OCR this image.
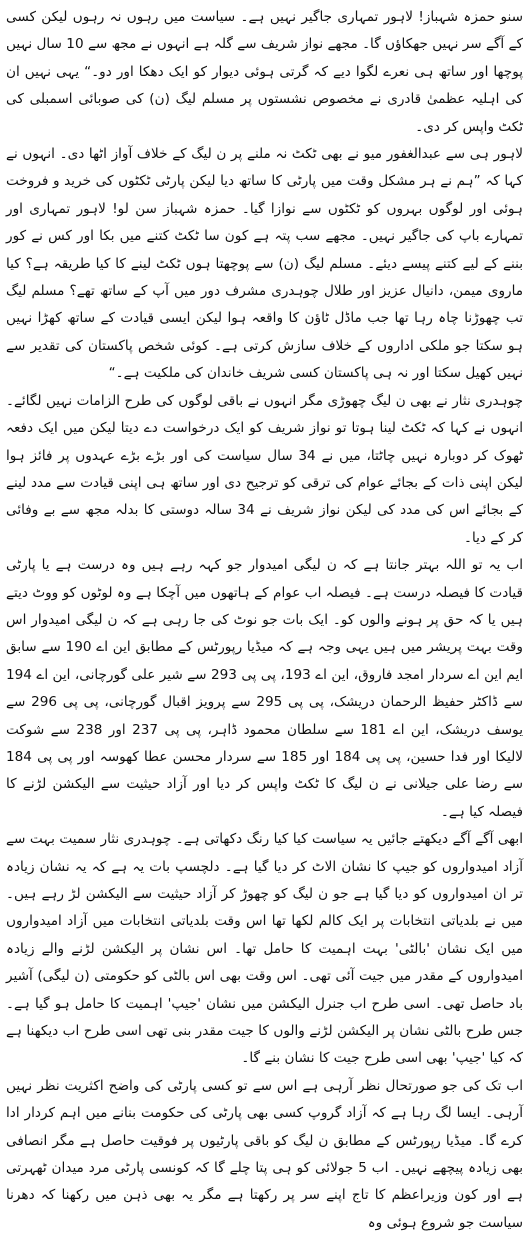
سنو حمزہ شہباز! لاہور تمہاری جاگیر نہیں ہے۔ سیاست میں رہوں نہ رہوں لیکن کسی کے آگے سر نہیں جھکاؤں گا۔ مجھے نواز شریف سے گلہ ہے انہوں نے مجھ سے 10 سال نہیں پوچھا اور ساتھ ہی نعرے لگوا دیے کہ گرتی ہوئی دیوار کو ایک دھکا اور دو۔“ یہی نہیں ان کی اہلیہ عظمیٰ قادری نے مخصوص نشستوں پر مسلم لیگ (ن) کی صوبائی اسمبلی کی ٹکٹ واپس کر دی۔

لاہور ہی سے عبدالغفور میو نے بھی ٹکٹ نہ ملنے پر ن لیگ کے خلاف آواز اٹھا دی۔ انہوں نے کہا کہ ”ہم نے ہر مشکل وقت میں پارٹی کا ساتھ دیا لیکن پارٹی ٹکٹوں کی خرید و فروخت ہوئی اور لوگوں بہروں کو ٹکٹوں سے نوازا گیا۔ حمزہ شہباز سن لو! لاہور تمہاری اور تمہارے باپ کی جاگیر نہیں۔ مجھے سب پتہ ہے کون سا ٹکٹ کتنے میں بکا اور کس نے کور بننے کے لیے کتنے پیسے دیئے۔ مسلم لیگ (ن) سے پوچھتا ہوں ٹکٹ لینے کا کیا طریقہ ہے؟ کیا ماروی میمن، دانیال عزیز اور طلال چوہدری مشرف دور میں آپ کے ساتھ تھے؟ مسلم لیگ تب چھوڑنا چاہ رہا تھا جب ماڈل ٹاؤن کا واقعہ ہوا لیکن ایسی قیادت کے ساتھ کھڑا نہیں ہو سکتا جو ملکی اداروں کے خلاف سازش کرتی ہے۔ کوئی شخص پاکستان کی تقدیر سے نہیں کھیل سکتا اور نہ ہی پاکستان کسی شریف خاندان کی ملکیت ہے۔“

چوہدری نثار نے بھی ن لیگ چھوڑی مگر انہوں نے باقی لوگوں کی طرح الزامات نہیں لگائے۔ انہوں نے کہا کہ ٹکٹ لینا ہوتا تو نواز شریف کو ایک درخواست دے دیتا لیکن میں ایک دفعہ ٹھوک کر دوبارہ نہیں چاٹتا، میں نے 34 سال سیاست کی اور بڑے بڑے عہدوں پر فائز ہوا لیکن اپنی ذات کے بجائے عوام کی ترقی کو ترجیح دی اور ساتھ ہی اپنی قیادت سے مدد لینے کے بجائے اس کی مدد کی لیکن نواز شریف نے 34 سالہ دوستی کا بدلہ مجھ سے بے وفائی کر کے دیا۔

اب یہ تو اللہ بہتر جانتا ہے کہ ن لیگی امیدوار جو کہہ رہے ہیں وہ درست ہے یا پارٹی قیادت کا فیصلہ درست ہے۔ فیصلہ اب عوام کے ہاتھوں میں آچکا ہے وہ لوٹوں کو ووٹ دیتے ہیں یا کہ حق پر ہونے والوں کو۔ ایک بات جو نوٹ کی جا رہی ہے کہ ن لیگی امیدوار اس وقت بہت پریشر میں ہیں یہی وجہ ہے کہ میڈیا رپورٹس کے مطابق این اے 190 سے سابق ایم این اے سردار امجد فاروق، این اے 193، پی پی 293 سے شیر علی گورچانی، این اے 194 سے ڈاکٹر حفیظ الرحمان دریشک، پی پی 295 سے پرویز اقبال گورچانی، پی پی 296 سے یوسف دریشک، این اے 181 سے سلطان محمود ڈاہر، پی پی 237 اور 238 سے شوکت لالیکا اور فدا حسین، پی پی 184 اور 185 سے سردار محسن عطا کھوسہ اور پی پی 184 سے رضا علی جیلانی نے ن لیگ کا ٹکٹ واپس کر دیا اور آزاد حیثیت سے الیکشن لڑنے کا فیصلہ کیا ہے۔

ابھی آگے آگے دیکھتے جائیں یہ سیاست کیا کیا رنگ دکھاتی ہے۔ چوہدری نثار سمیت بہت سے آزاد امیدواروں کو جیپ کا نشان الاٹ کر دیا گیا ہے۔ دلچسپ بات یہ ہے کہ یہ نشان زیادہ تر ان امیدواروں کو دیا گیا ہے جو ن لیگ کو چھوڑ کر آزاد حیثیت سے الیکشن لڑ رہے ہیں۔ میں نے بلدیاتی انتخابات پر ایک کالم لکھا تھا اس وقت بلدیاتی انتخابات میں آزاد امیدواروں میں ایک نشان 'بالٹی' بہت اہمیت کا حامل تھا۔ اس نشان پر الیکشن لڑنے والے زیادہ امیدواروں کے مقدر میں جیت آئی تھی۔ اس وقت بھی اس بالٹی کو حکومتی (ن لیگی) آشیر باد حاصل تھی۔ اسی طرح اب جنرل الیکشن میں نشان 'جیپ' اہمیت کا حامل ہو گیا ہے۔ جس طرح بالٹی نشان پر الیکشن لڑنے والوں کا جیت مقدر بنی تھی اسی طرح اب دیکھنا ہے کہ کیا 'جیپ' بھی اسی طرح جیت کا نشان بنے گا۔

اب تک کی جو صورتحال نظر آرہی ہے اس سے تو کسی پارٹی کی واضح اکثریت نظر نہیں آرہی۔ ایسا لگ رہا ہے کہ آزاد گروپ کسی بھی پارٹی کی حکومت بنانے میں اہم کردار ادا کرے گا۔ میڈیا رپورٹس کے مطابق ن لیگ کو باقی پارٹیوں پر فوقیت حاصل ہے مگر انصافی بھی زیادہ پیچھے نہیں۔ اب 5 جولائی کو ہی پتا چلے گا کہ کونسی پارٹی مرد میدان ٹھہرتی ہے اور کون وزیراعظم کا تاج اپنے سر پر رکھتا ہے مگر یہ بھی ذہن میں رکھنا کہ دھرنا سیاست جو شروع ہوئی وہ
